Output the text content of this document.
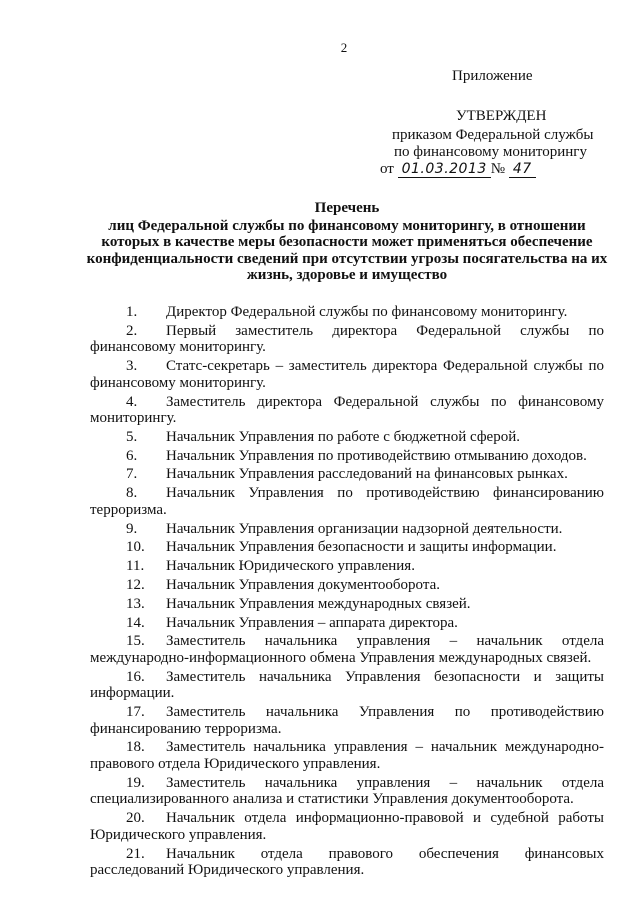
2
Приложение
УТВЕРЖДЕН
приказом Федеральной службы
по финансовому мониторингу
от 01.03.2013 № 47
Перечень
лиц Федеральной службы по финансовому мониторингу, в отношении которых в качестве меры безопасности может применяться обеспечение конфиденциальности сведений при отсутствии угрозы посягательства на их жизнь, здоровье и имущество

1. Директор Федеральной службы по финансовому мониторингу.

2. Первый заместитель директора Федеральной службы по финансовому мониторингу.

3. Статс-секретарь – заместитель директора Федеральной службы по финансовому мониторингу.

4. Заместитель директора Федеральной службы по финансовому мониторингу.

5. Начальник Управления по работе с бюджетной сферой.

6. Начальник Управления по противодействию отмыванию доходов.

7. Начальник Управления расследований на финансовых рынках.

8. Начальник Управления по противодействию финансированию терроризма.

9. Начальник Управления организации надзорной деятельности.

10. Начальник Управления безопасности и защиты информации.

11. Начальник Юридического управления.

12. Начальник Управления документооборота.

13. Начальник Управления международных связей.

14. Начальник Управления – аппарата директора.

15. Заместитель начальника управления – начальник отдела международно-информационного обмена Управления международных связей.

16. Заместитель начальника Управления безопасности и защиты информации.

17. Заместитель начальника Управления по противодействию финансированию терроризма.

18. Заместитель начальника управления – начальник международно-правового отдела Юридического управления.

19. Заместитель начальника управления – начальник отдела специализированного анализа и статистики Управления документооборота.

20. Начальник отдела информационно-правовой и судебной работы Юридического управления.

21. Начальник отдела правового обеспечения финансовых расследований Юридического управления.
